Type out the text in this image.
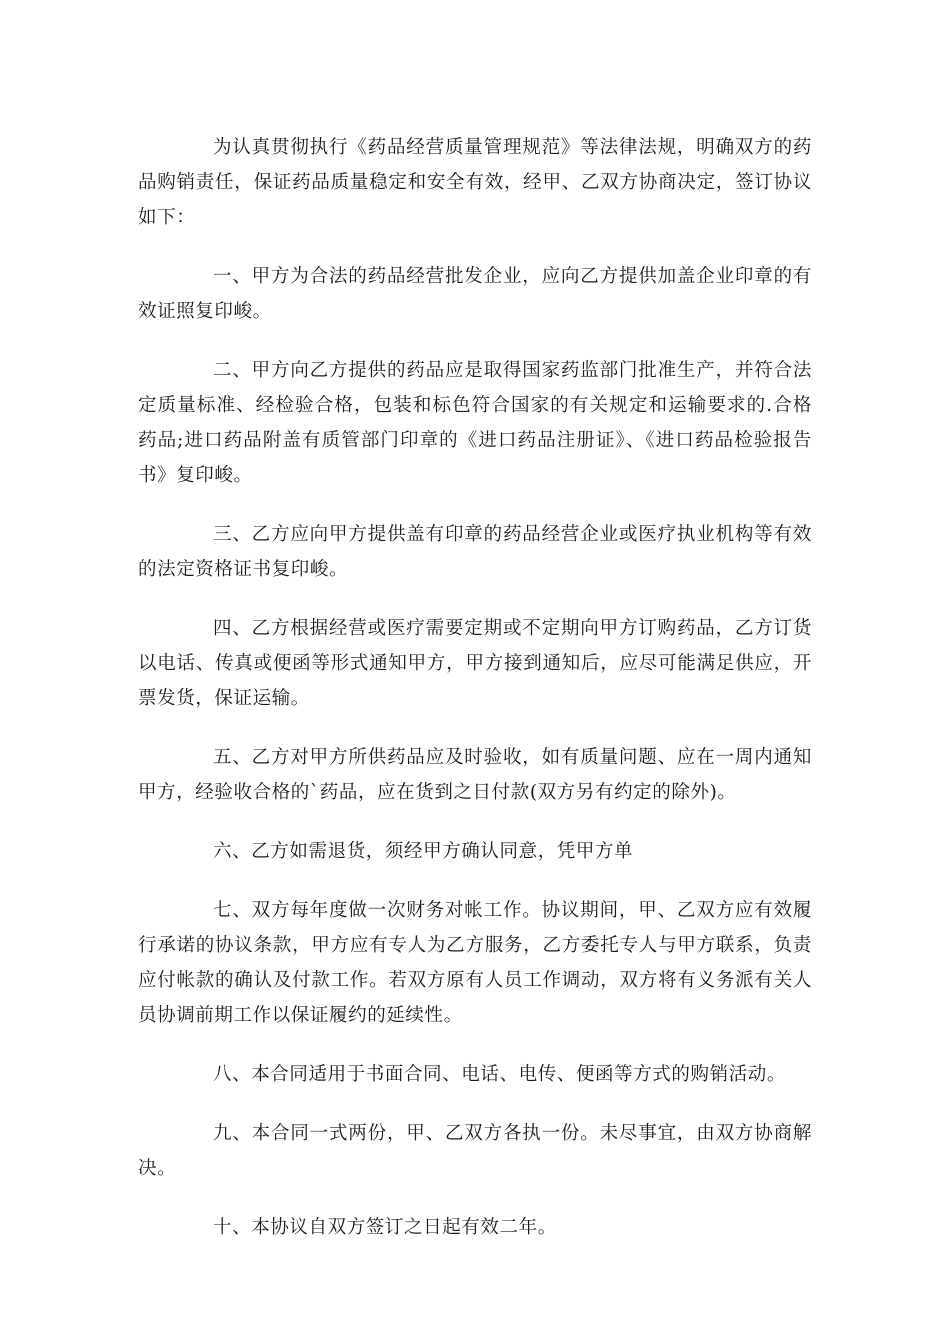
为认真贯彻执行《药品经营质量管理规范》等法律法规，明确双方的药品购销责任，保证药品质量稳定和安全有效，经甲、乙双方协商决定，签订协议如下：

一、甲方为合法的药品经营批发企业，应向乙方提供加盖企业印章的有效证照复印峻。

二、甲方向乙方提供的药品应是取得国家药监部门批准生产，并符合法定质量标准、经检验合格，包装和标色符合国家的有关规定和运输要求的.合格药品;进口药品附盖有质管部门印章的《进口药品注册证》、《进口药品检验报告书》复印峻。

三、乙方应向甲方提供盖有印章的药品经营企业或医疗执业机构等有效的法定资格证书复印峻。

四、乙方根据经营或医疗需要定期或不定期向甲方订购药品，乙方订货以电话、传真或便函等形式通知甲方，甲方接到通知后，应尽可能满足供应，开票发货，保证运输。

五、乙方对甲方所供药品应及时验收，如有质量问题、应在一周内通知甲方，经验收合格的`药品，应在货到之日付款(双方另有约定的除外)。

六、乙方如需退货，须经甲方确认同意，凭甲方单

七、双方每年度做一次财务对帐工作。协议期间，甲、乙双方应有效履行承诺的协议条款，甲方应有专人为乙方服务，乙方委托专人与甲方联系，负责应付帐款的确认及付款工作。若双方原有人员工作调动，双方将有义务派有关人员协调前期工作以保证履约的延续性。

八、本合同适用于书面合同、电话、电传、便函等方式的购销活动。

九、本合同一式两份，甲、乙双方各执一份。未尽事宜，由双方协商解决。

十、本协议自双方签订之日起有效二年。
